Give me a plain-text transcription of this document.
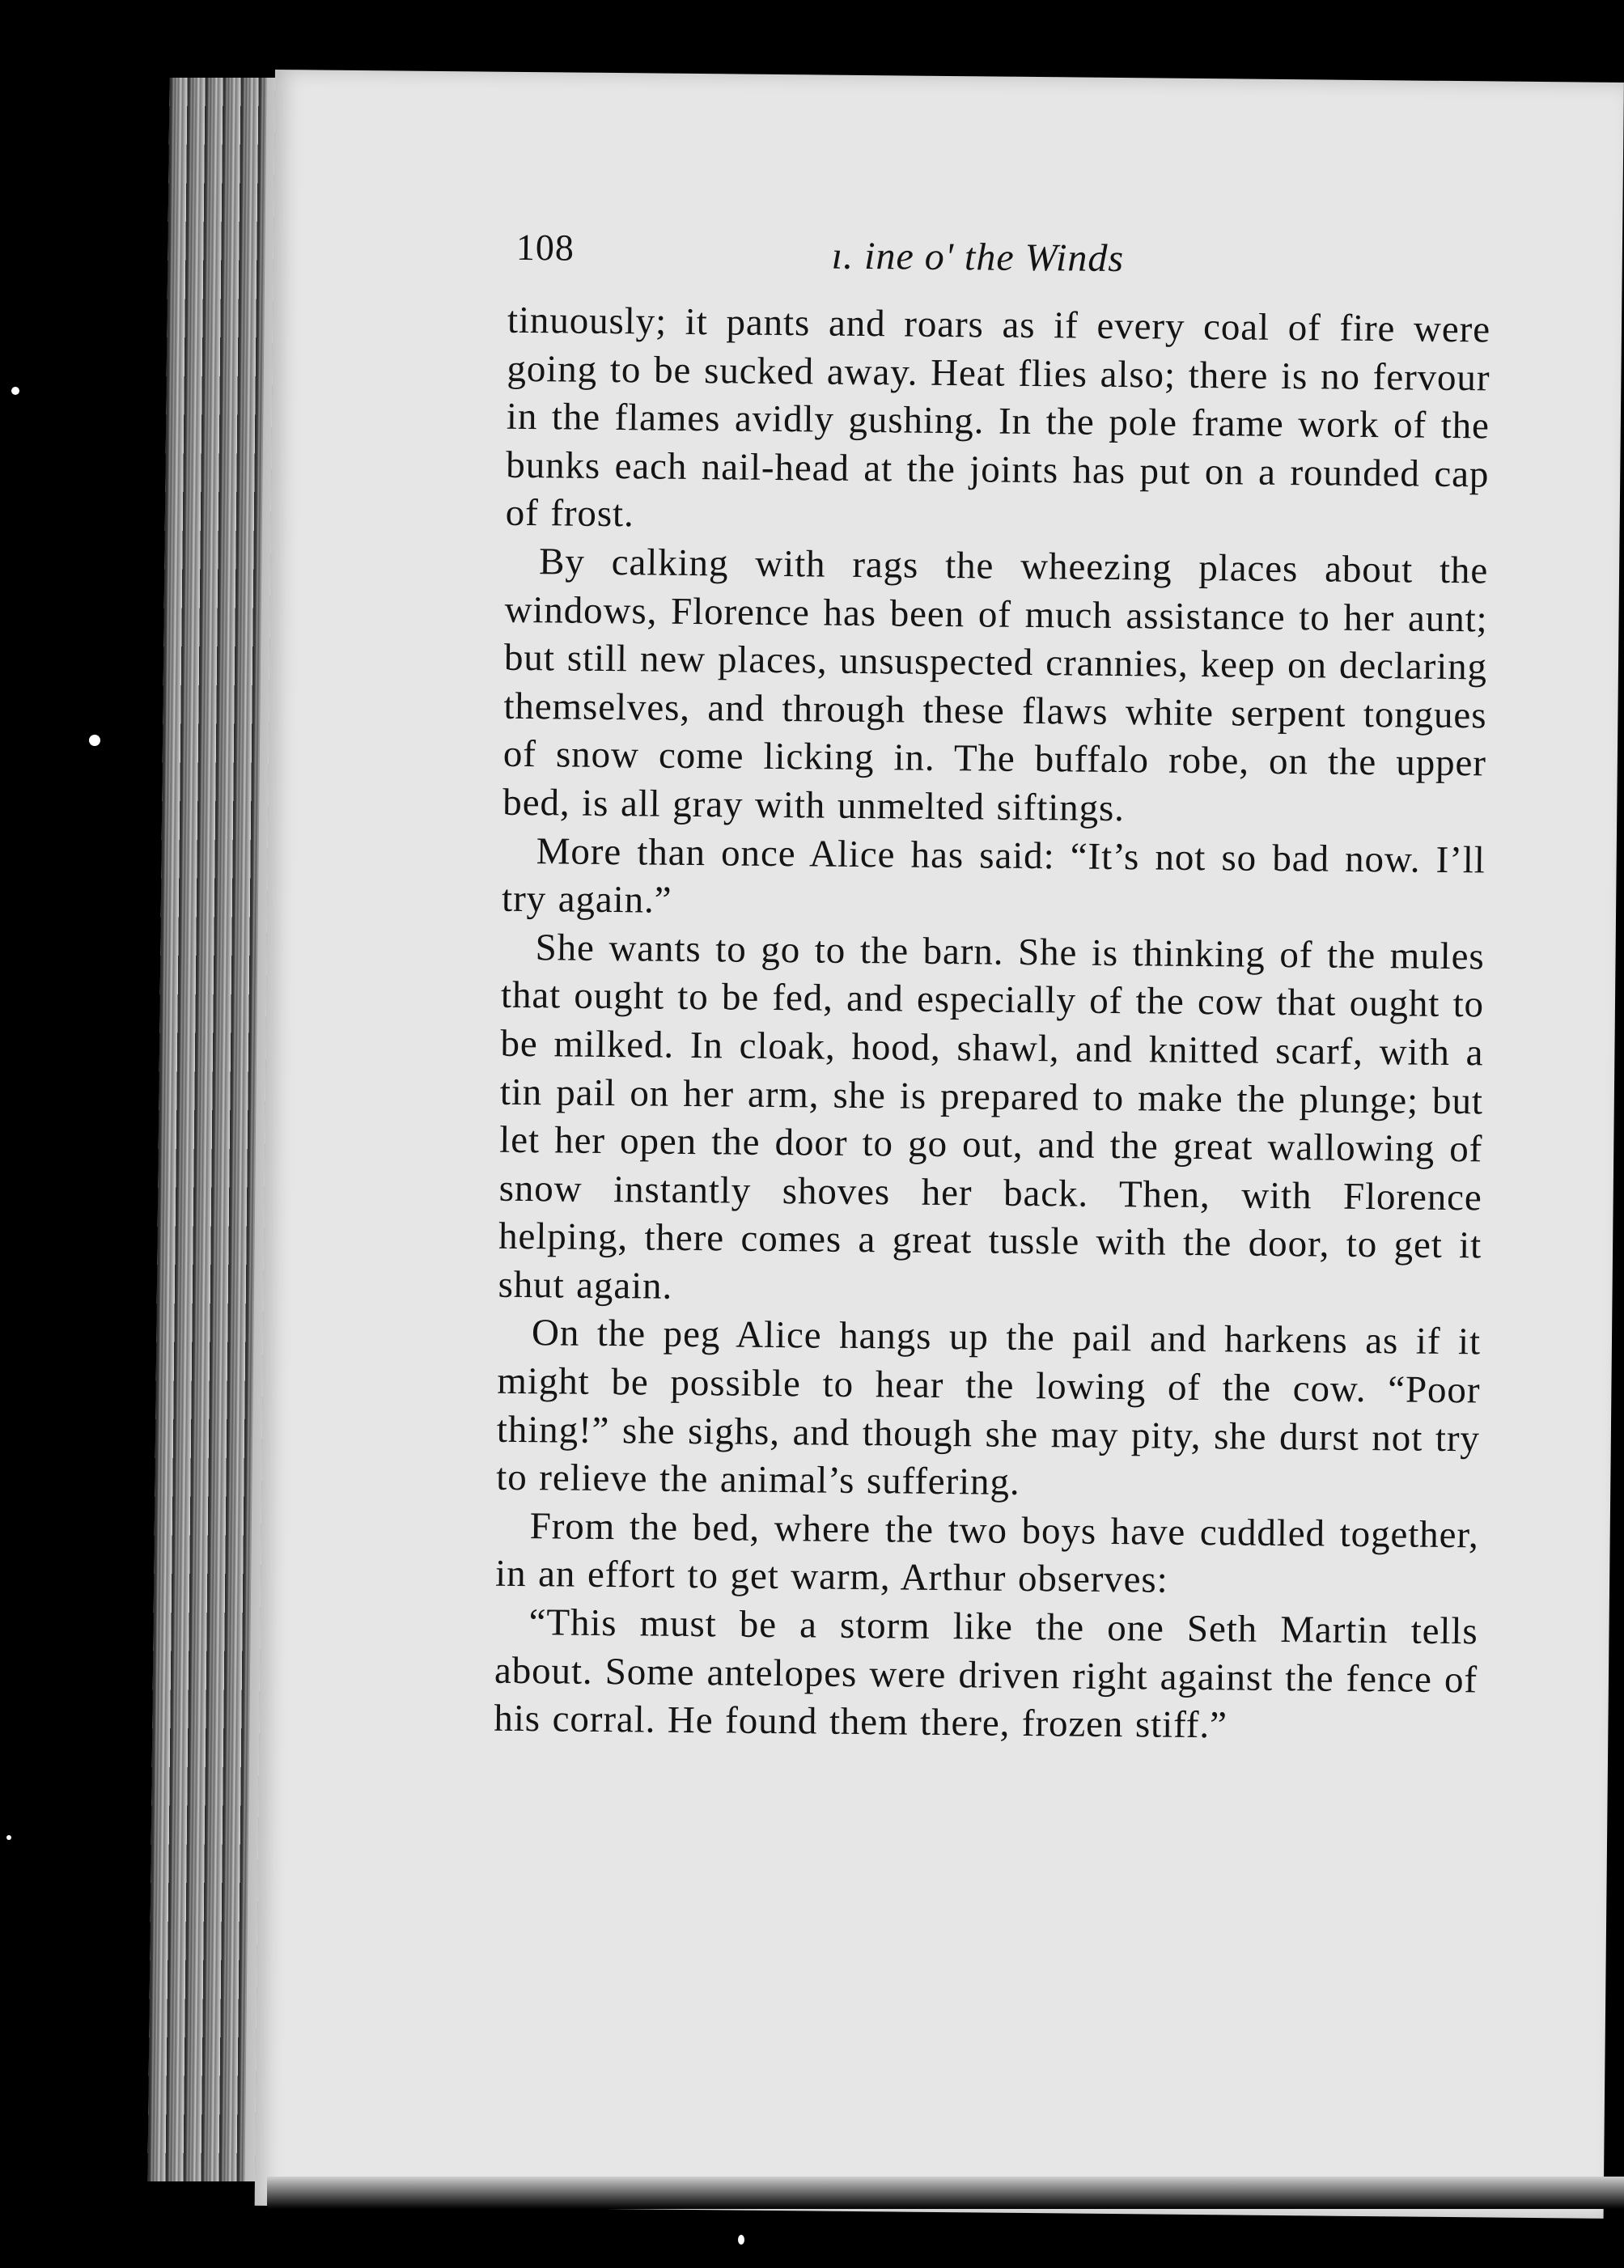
108	ı. ine o' the Winds

tinuously; it pants and roars as if every coal of fire were going to be sucked away. Heat flies also; there is no fervour in the flames avidly gushing. In the pole frame work of the bunks each nail-head at the joints has put on a rounded cap of frost.

By calking with rags the wheezing places about the windows, Florence has been of much assistance to her aunt; but still new places, unsuspected crannies, keep on declaring themselves, and through these flaws white serpent tongues of snow come licking in. The buffalo robe, on the upper bed, is all gray with unmelted siftings.

More than once Alice has said: “It’s not so bad now. I’ll try again.”

She wants to go to the barn. She is thinking of the mules that ought to be fed, and especially of the cow that ought to be milked. In cloak, hood, shawl, and knitted scarf, with a tin pail on her arm, she is prepared to make the plunge; but let her open the door to go out, and the great wallowing of snow instantly shoves her back. Then, with Florence helping, there comes a great tussle with the door, to get it shut again.

On the peg Alice hangs up the pail and harkens as if it might be possible to hear the lowing of the cow. “Poor thing!” she sighs, and though she may pity, she durst not try to relieve the animal’s suffering.

From the bed, where the two boys have cuddled together, in an effort to get warm, Arthur observes:

“This must be a storm like the one Seth Martin tells about. Some antelopes were driven right against the fence of his corral. He found them there, frozen stiff.”
